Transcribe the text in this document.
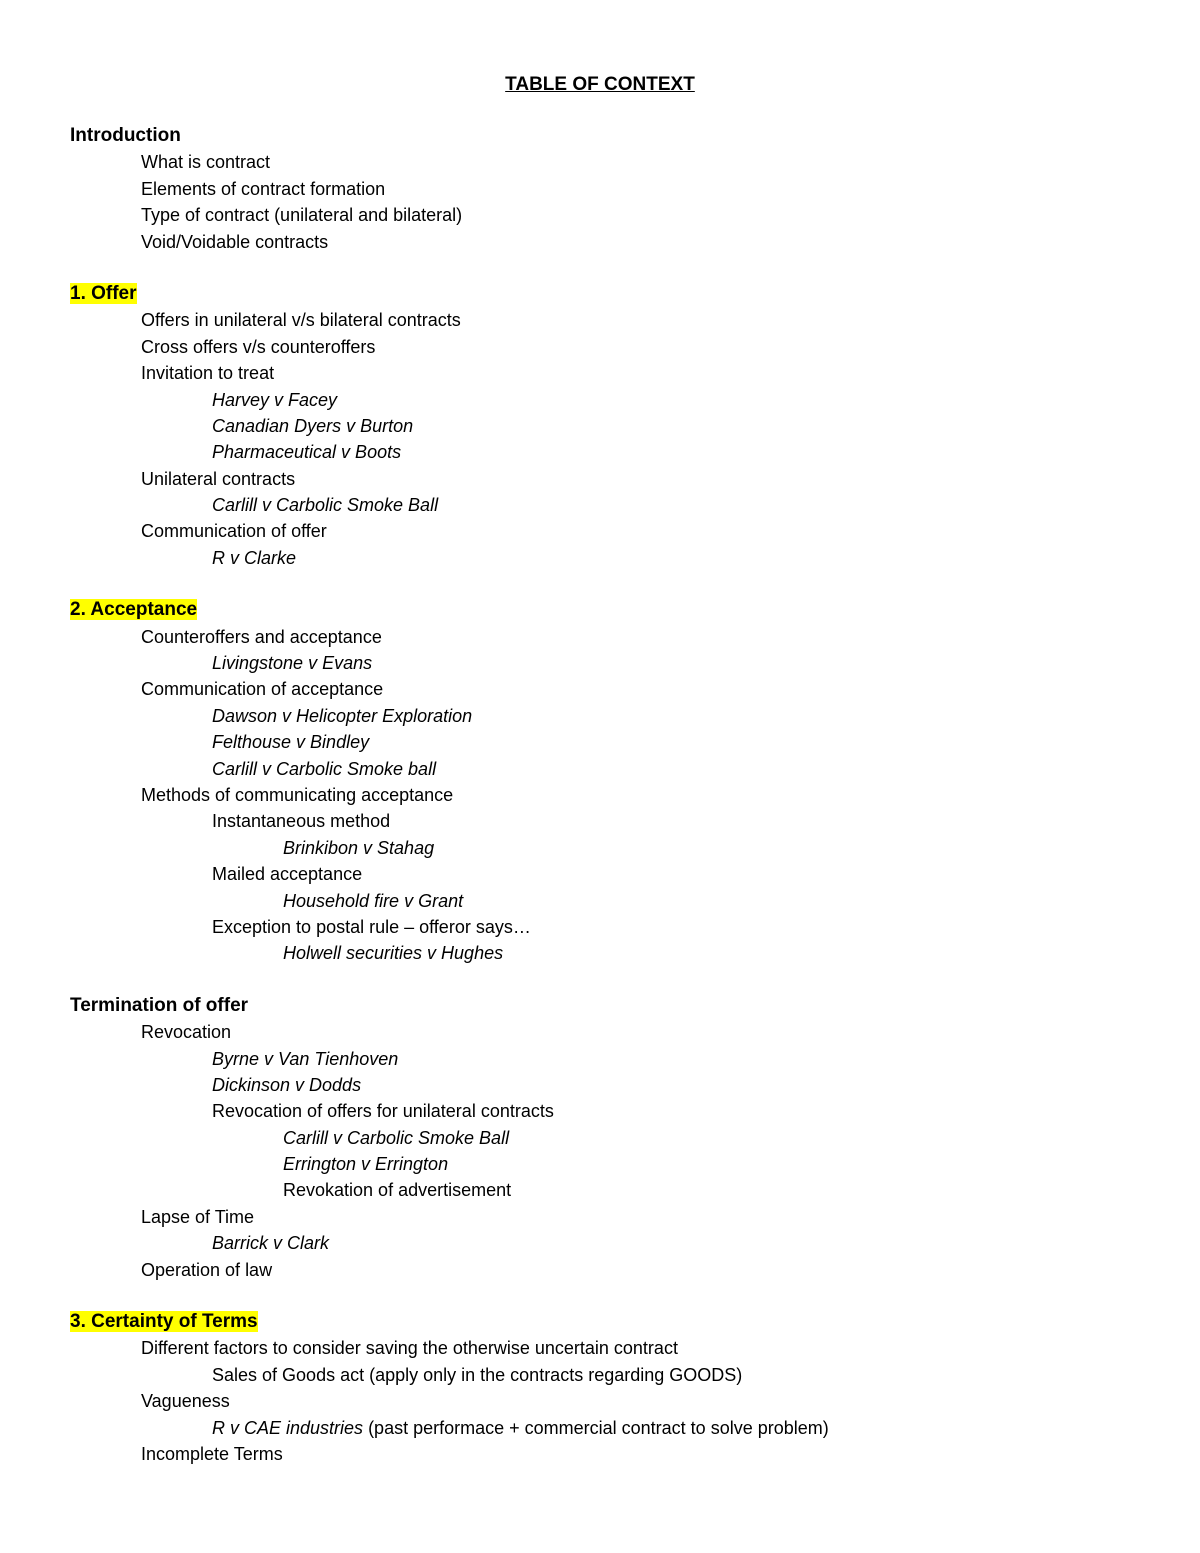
TABLE OF CONTEXT
Introduction
What is contract
Elements of contract formation
Type of contract (unilateral and bilateral)
Void/Voidable contracts
1. Offer
Offers in unilateral v/s bilateral contracts
Cross offers v/s counteroffers
Invitation to treat
Harvey v Facey
Canadian Dyers v Burton
Pharmaceutical v Boots
Unilateral contracts
Carlill v Carbolic Smoke Ball
Communication of offer
R v Clarke
2. Acceptance
Counteroffers and acceptance
Livingstone v Evans
Communication of acceptance
Dawson v Helicopter Exploration
Felthouse v Bindley
Carlill v Carbolic Smoke ball
Methods of communicating acceptance
Instantaneous method
Brinkibon v Stahag
Mailed acceptance
Household fire v Grant
Exception to postal rule – offeror says…
Holwell securities v Hughes
Termination of offer
Revocation
Byrne v Van Tienhoven
Dickinson v Dodds
Revocation of offers for unilateral contracts
Carlill v Carbolic Smoke Ball
Errington v Errington
Revokation of advertisement
Lapse of Time
Barrick v Clark
Operation of law
3. Certainty of Terms
Different factors to consider saving the otherwise uncertain contract
Sales of Goods act (apply only in the contracts regarding GOODS)
Vagueness
R v CAE industries (past performace + commercial contract to solve problem)
Incomplete Terms
